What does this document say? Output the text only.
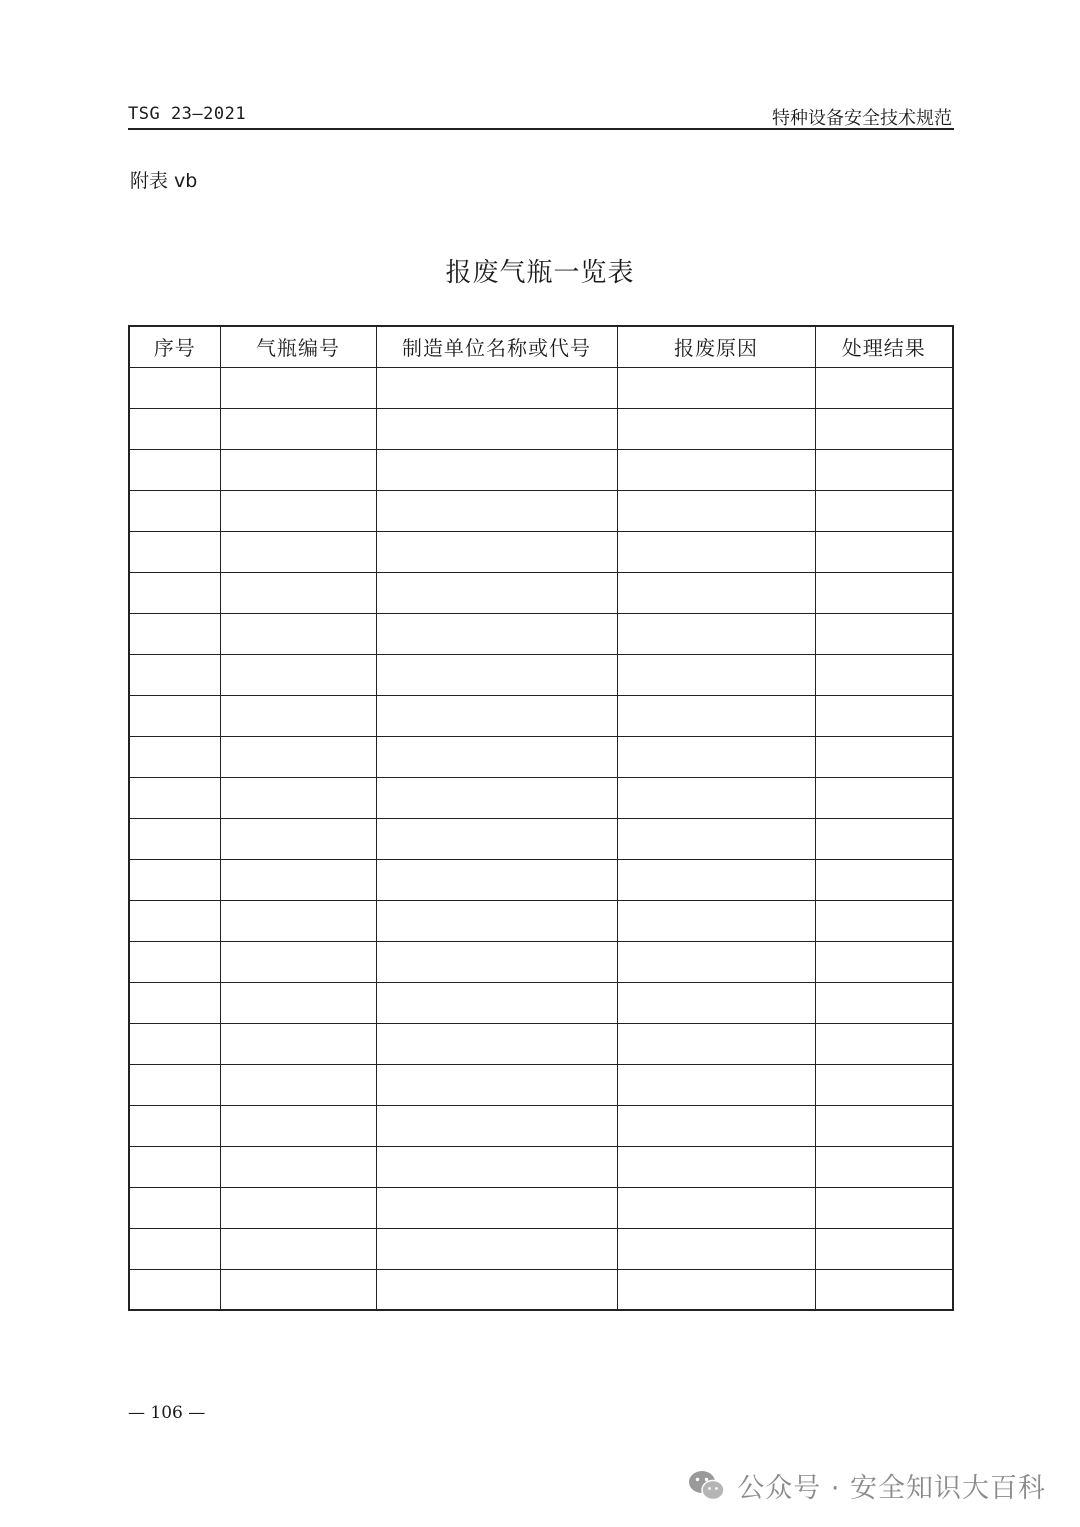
TSG 23—2021	特种设备安全技术规范
附表 vb
报废气瓶一览表
序号	气瓶编号	制造单位名称或代号	报废原因	处理结果

— 106 —
公众号 · 安全知识大百科
